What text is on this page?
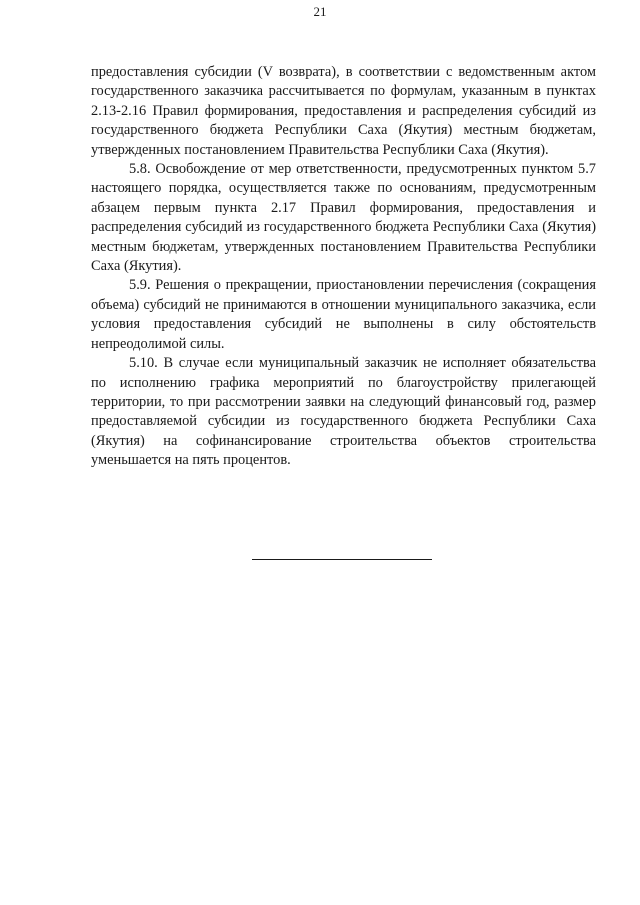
21

предоставления субсидии (V возврата), в соответствии с ведомственным актом государственного заказчика рассчитывается по формулам, указанным в пунктах 2.13-2.16 Правил формирования, предоставления и распределения субсидий из государственного бюджета Республики Саха (Якутия) местным бюджетам, утвержденных постановлением Правительства Республики Саха (Якутия).

5.8. Освобождение от мер ответственности, предусмотренных пунктом 5.7 настоящего порядка, осуществляется также по основаниям, предусмотренным абзацем первым пункта 2.17 Правил формирования, предоставления и распределения субсидий из государственного бюджета Республики Саха (Якутия) местным бюджетам, утвержденных постановлением Правительства Республики Саха (Якутия).

5.9. Решения о прекращении, приостановлении перечисления (сокращения объема) субсидий не принимаются в отношении муниципального заказчика, если условия предоставления субсидий не выполнены в силу обстоятельств непреодолимой силы.

5.10. В случае если муниципальный заказчик не исполняет обязательства по исполнению графика мероприятий по благоустройству прилегающей территории, то при рассмотрении заявки на следующий финансовый год, размер предоставляемой субсидии из государственного бюджета Республики Саха (Якутия) на софинансирование строительства объектов строительства уменьшается на пять процентов.
